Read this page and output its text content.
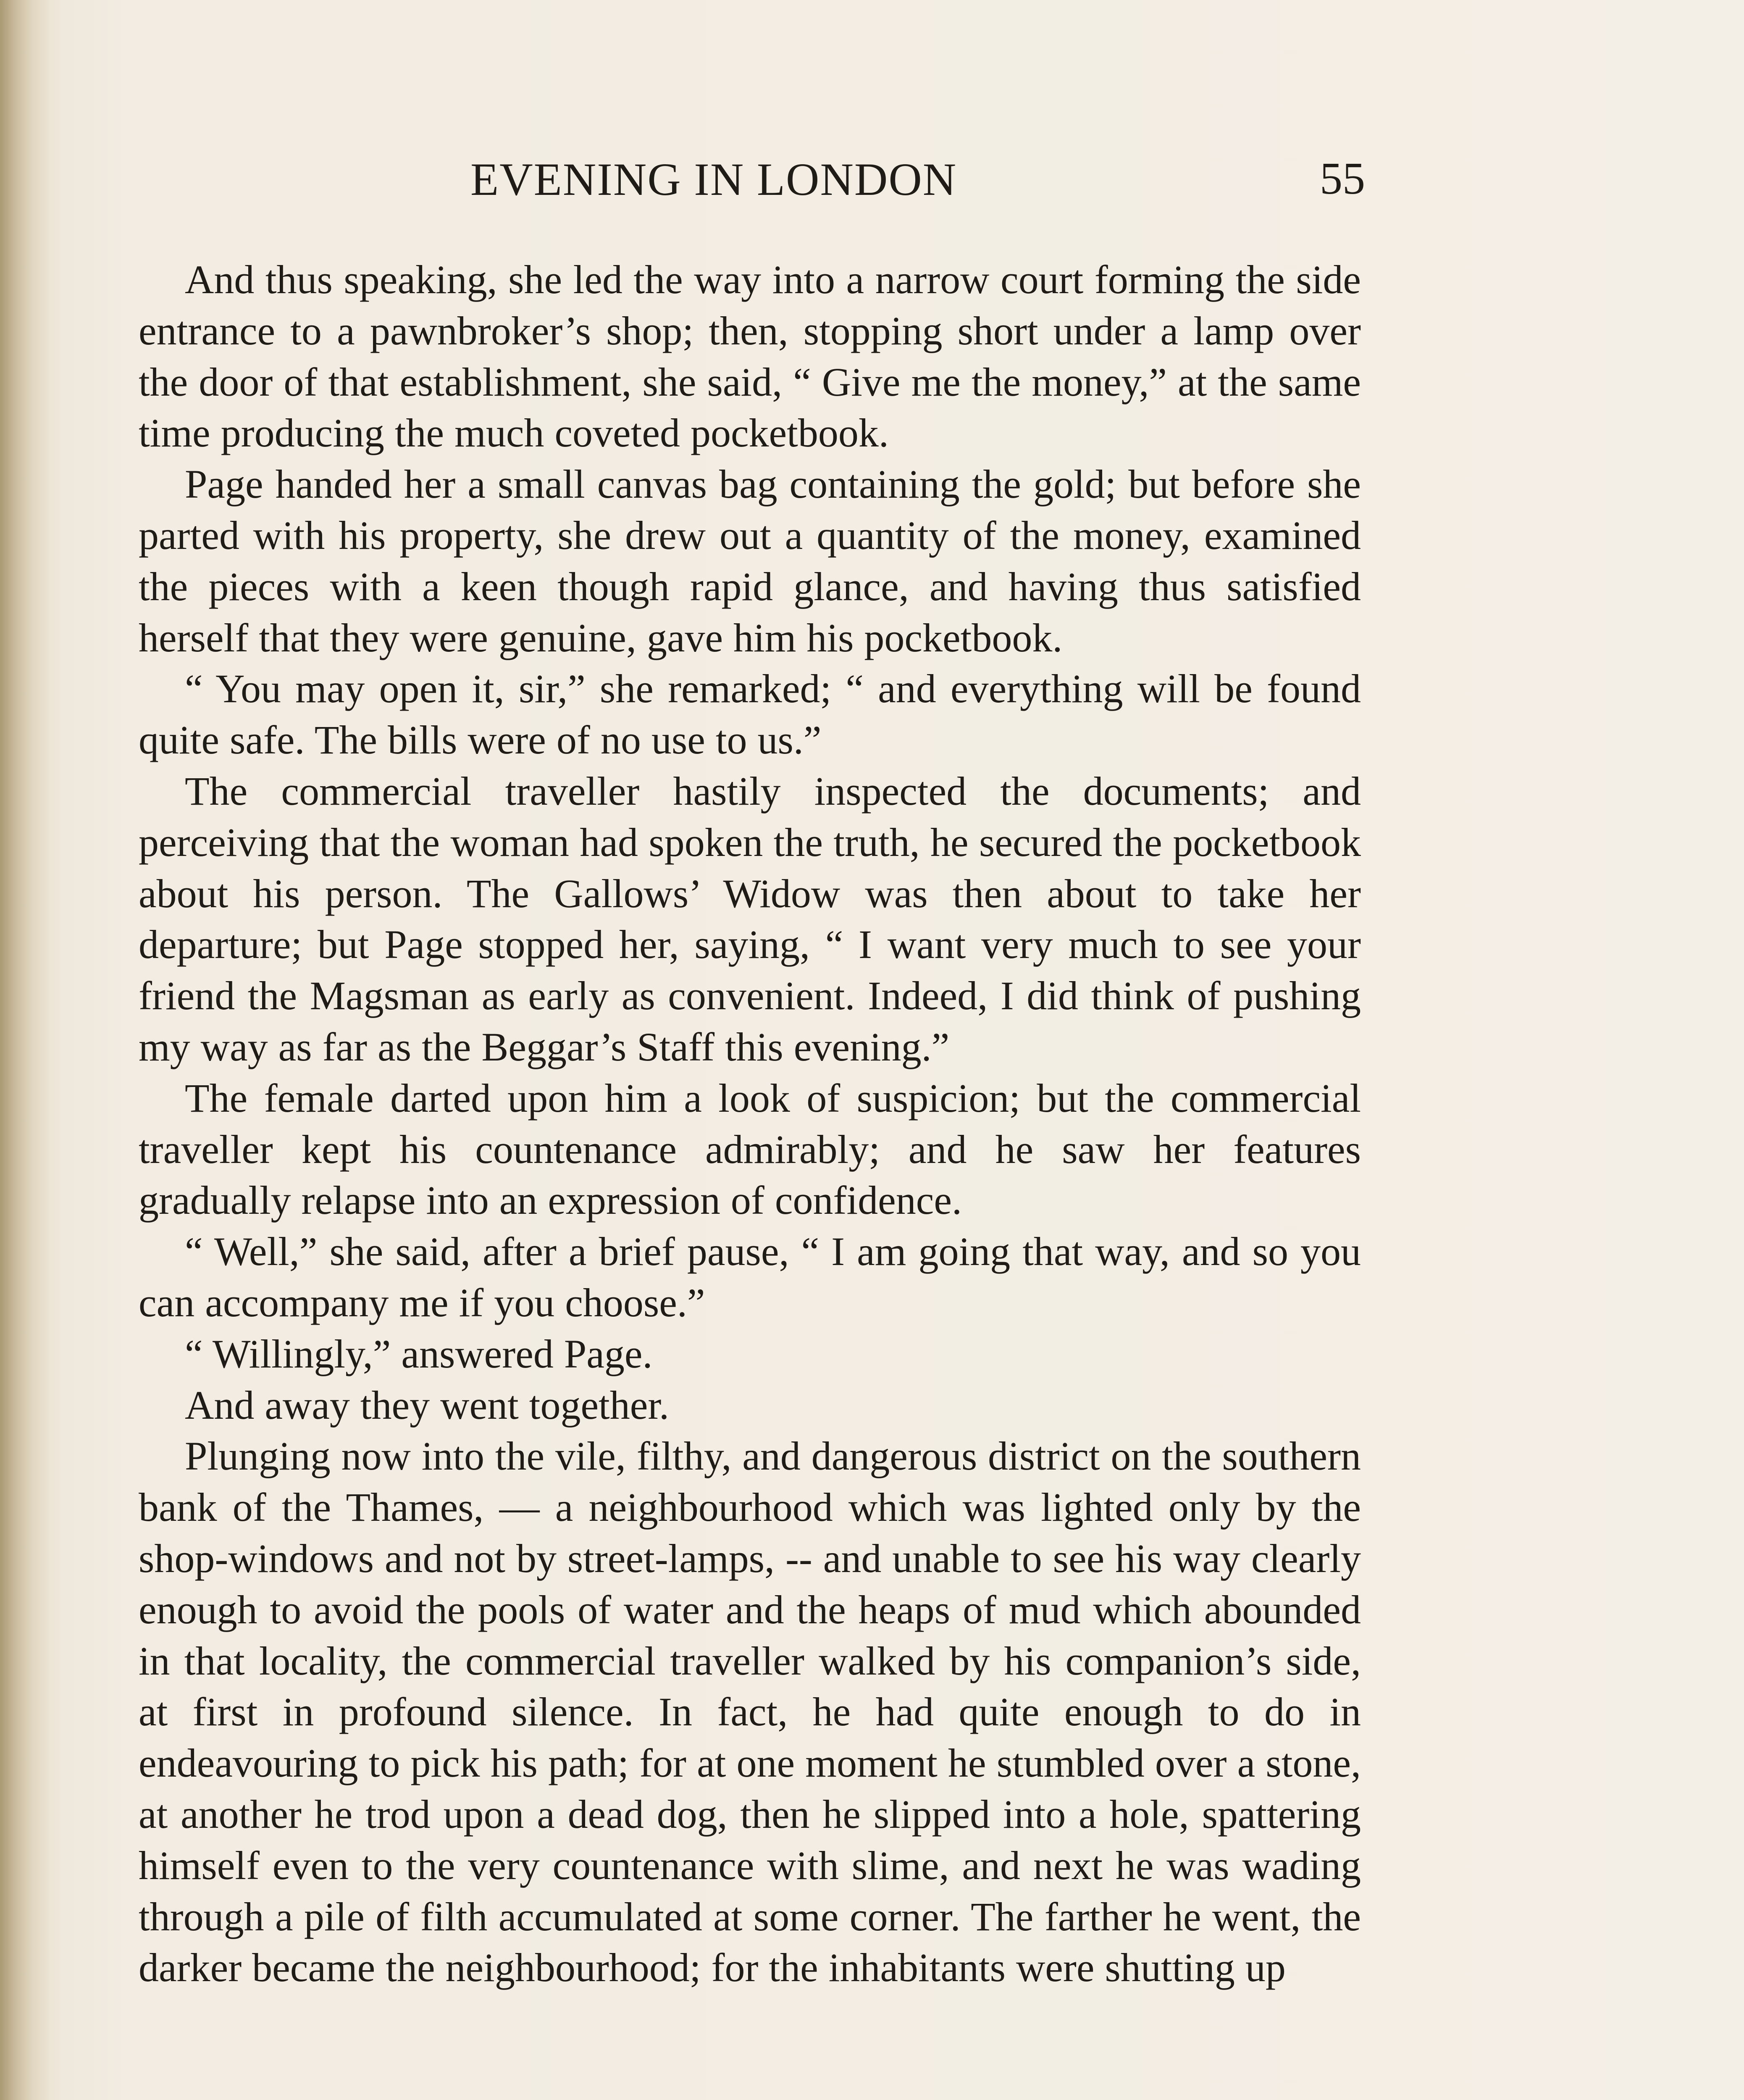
EVENING IN LONDON	55

And thus speaking, she led the way into a narrow court forming the side entrance to a pawnbroker’s shop; then, stopping short under a lamp over the door of that establishment, she said, “ Give me the money,” at the same time producing the much coveted pocketbook.

Page handed her a small canvas bag containing the gold; but before she parted with his property, she drew out a quantity of the money, examined the pieces with a keen though rapid glance, and having thus satisfied herself that they were genuine, gave him his pocketbook.

“ You may open it, sir,” she remarked; “ and everything will be found quite safe. The bills were of no use to us.”

The commercial traveller hastily inspected the documents; and perceiving that the woman had spoken the truth, he secured the pocketbook about his person. The Gallows’ Widow was then about to take her departure; but Page stopped her, saying, “ I want very much to see your friend the Magsman as early as convenient. Indeed, I did think of pushing my way as far as the Beggar’s Staff this evening.”

The female darted upon him a look of suspicion; but the commercial traveller kept his countenance admirably; and he saw her features gradually relapse into an expression of confidence.

“ Well,” she said, after a brief pause, “ I am going that way, and so you can accompany me if you choose.”

“ Willingly,” answered Page.

And away they went together.

Plunging now into the vile, filthy, and dangerous district on the southern bank of the Thames, — a neighbourhood which was lighted only by the shop-windows and not by street-lamps, -- and unable to see his way clearly enough to avoid the pools of water and the heaps of mud which abounded in that locality, the commercial traveller walked by his companion’s side, at first in profound silence. In fact, he had quite enough to do in endeavouring to pick his path; for at one moment he stumbled over a stone, at another he trod upon a dead dog, then he slipped into a hole, spattering himself even to the very countenance with slime, and next he was wading through a pile of filth accumulated at some corner. The farther he went, the darker became the neighbourhood; for the inhabitants were shutting up
